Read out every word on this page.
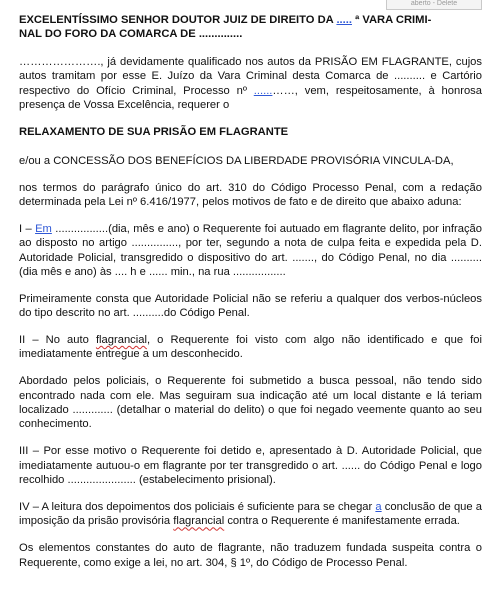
aberto - Delete

EXCELENTÍSSIMO SENHOR DOUTOR JUIZ DE DIREITO DA ..... ª VARA CRIMI-
NAL DO FORO DA COMARCA DE ..............

…………………., já devidamente qualificado nos autos da PRISÃO EM FLAGRANTE, cujos autos tramitam por esse E. Juízo da Vara Criminal desta Comarca de .......... e Cartório respectivo do Ofício Criminal, Processo nº ......……, vem, respeitosamente, à honrosa presença de Vossa Excelência, requerer o

RELAXAMENTO DE SUA PRISÃO EM FLAGRANTE

e/ou a CONCESSÃO DOS BENEFÍCIOS DA LIBERDADE PROVISÓRIA VINCULA-DA,

nos termos do parágrafo único do art. 310 do Código Processo Penal, com a redação determinada pela Lei nº 6.416/1977, pelos motivos de fato e de direito que abaixo aduna:

I – Em .................(dia, mês e ano) o Requerente foi autuado em flagrante delito, por infração ao disposto no artigo ..............., por ter, segundo a nota de culpa feita e expedida pela D. Autoridade Policial, transgredido o dispositivo do art. ......., do Código Penal, no dia .......... (dia mês e ano) às .... h e ...... min., na rua .................

Primeiramente consta que Autoridade Policial não se referiu a qualquer dos verbos-núcleos do tipo descrito no art. ..........do Código Penal.

II – No auto flagrancial, o Requerente foi visto com algo não identificado e que foi imediatamente entregue a um desconhecido.

Abordado pelos policiais, o Requerente foi submetido a busca pessoal, não tendo sido encontrado nada com ele. Mas seguiram sua indicação até um local distante e lá teriam localizado ............. (detalhar o material do delito) o que foi negado veemente quanto ao seu conhecimento.

III – Por esse motivo o Requerente foi detido e, apresentado à D. Autoridade Policial, que imediatamente autuou-o em flagrante por ter transgredido o art. ...... do Código Penal e logo recolhido ...................... (estabelecimento prisional).

IV – A leitura dos depoimentos dos policiais é suficiente para se chegar a conclusão de que a imposição da prisão provisória flagrancial contra o Requerente é manifestamente errada.

Os elementos constantes do auto de flagrante, não traduzem fundada suspeita contra o Requerente, como exige a lei, no art. 304, § 1º, do Código de Processo Penal.
